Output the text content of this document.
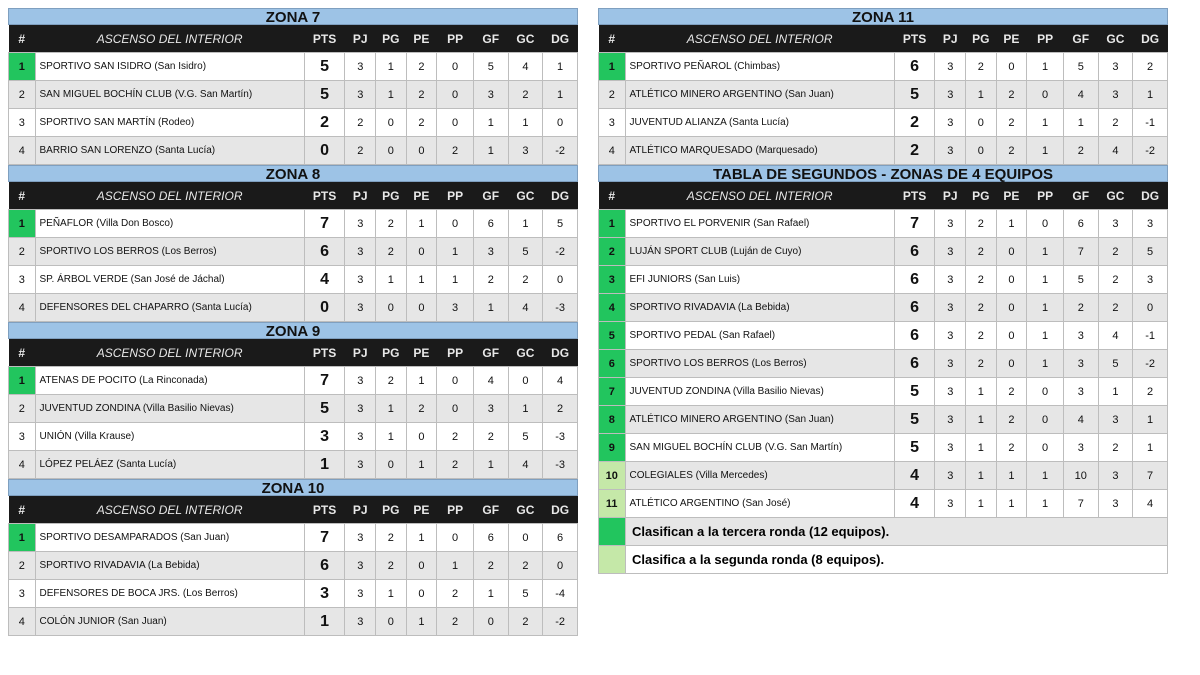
ZONA 7
#	ASCENSO DEL INTERIOR	PTS	PJ	PG	PE	PP	GF	GC	DG
1	SPORTIVO SAN ISIDRO (San Isidro)	5	3	1	2	0	5	4	1
2	SAN MIGUEL BOCHÍN CLUB (V.G. San Martín)	5	3	1	2	0	3	2	1
3	SPORTIVO SAN MARTÍN (Rodeo)	2	2	0	2	0	1	1	0
4	BARRIO SAN LORENZO (Santa Lucía)	0	2	0	0	2	1	3	-2
ZONA 8
#	ASCENSO DEL INTERIOR	PTS	PJ	PG	PE	PP	GF	GC	DG
1	PEÑAFLOR (Villa Don Bosco)	7	3	2	1	0	6	1	5
2	SPORTIVO LOS BERROS (Los Berros)	6	3	2	0	1	3	5	-2
3	SP. ÁRBOL VERDE (San José de Jáchal)	4	3	1	1	1	2	2	0
4	DEFENSORES DEL CHAPARRO (Santa Lucía)	0	3	0	0	3	1	4	-3
ZONA 9
#	ASCENSO DEL INTERIOR	PTS	PJ	PG	PE	PP	GF	GC	DG
1	ATENAS DE POCITO (La Rinconada)	7	3	2	1	0	4	0	4
2	JUVENTUD ZONDINA (Villa Basilio Nievas)	5	3	1	2	0	3	1	2
3	UNIÓN (Villa Krause)	3	3	1	0	2	2	5	-3
4	LÓPEZ PELÁEZ (Santa Lucía)	1	3	0	1	2	1	4	-3
ZONA 10
#	ASCENSO DEL INTERIOR	PTS	PJ	PG	PE	PP	GF	GC	DG
1	SPORTIVO DESAMPARADOS (San Juan)	7	3	2	1	0	6	0	6
2	SPORTIVO RIVADAVIA (La Bebida)	6	3	2	0	1	2	2	0
3	DEFENSORES DE BOCA JRS. (Los Berros)	3	3	1	0	2	1	5	-4
4	COLÓN JUNIOR (San Juan)	1	3	0	1	2	0	2	-2
ZONA 11
#	ASCENSO DEL INTERIOR	PTS	PJ	PG	PE	PP	GF	GC	DG
1	SPORTIVO PEÑAROL (Chimbas)	6	3	2	0	1	5	3	2
2	ATLÉTICO MINERO ARGENTINO (San Juan)	5	3	1	2	0	4	3	1
3	JUVENTUD ALIANZA (Santa Lucía)	2	3	0	2	1	1	2	-1
4	ATLÉTICO MARQUESADO (Marquesado)	2	3	0	2	1	2	4	-2
TABLA DE SEGUNDOS - ZONAS DE 4 EQUIPOS
#	ASCENSO DEL INTERIOR	PTS	PJ	PG	PE	PP	GF	GC	DG
1	SPORTIVO EL PORVENIR (San Rafael)	7	3	2	1	0	6	3	3
2	LUJÁN SPORT CLUB (Luján de Cuyo)	6	3	2	0	1	7	2	5
3	EFI JUNIORS (San Luis)	6	3	2	0	1	5	2	3
4	SPORTIVO RIVADAVIA (La Bebida)	6	3	2	0	1	2	2	0
5	SPORTIVO PEDAL (San Rafael)	6	3	2	0	1	3	4	-1
6	SPORTIVO LOS BERROS (Los Berros)	6	3	2	0	1	3	5	-2
7	JUVENTUD ZONDINA (Villa Basilio Nievas)	5	3	1	2	0	3	1	2
8	ATLÉTICO MINERO ARGENTINO (San Juan)	5	3	1	2	0	4	3	1
9	SAN MIGUEL BOCHÍN CLUB (V.G. San Martín)	5	3	1	2	0	3	2	1
10	COLEGIALES (Villa Mercedes)	4	3	1	1	1	10	3	7
11	ATLÉTICO ARGENTINO (San José)	4	3	1	1	1	7	3	4
Clasifican a la tercera ronda (12 equipos).
Clasifica a la segunda ronda (8 equipos).
